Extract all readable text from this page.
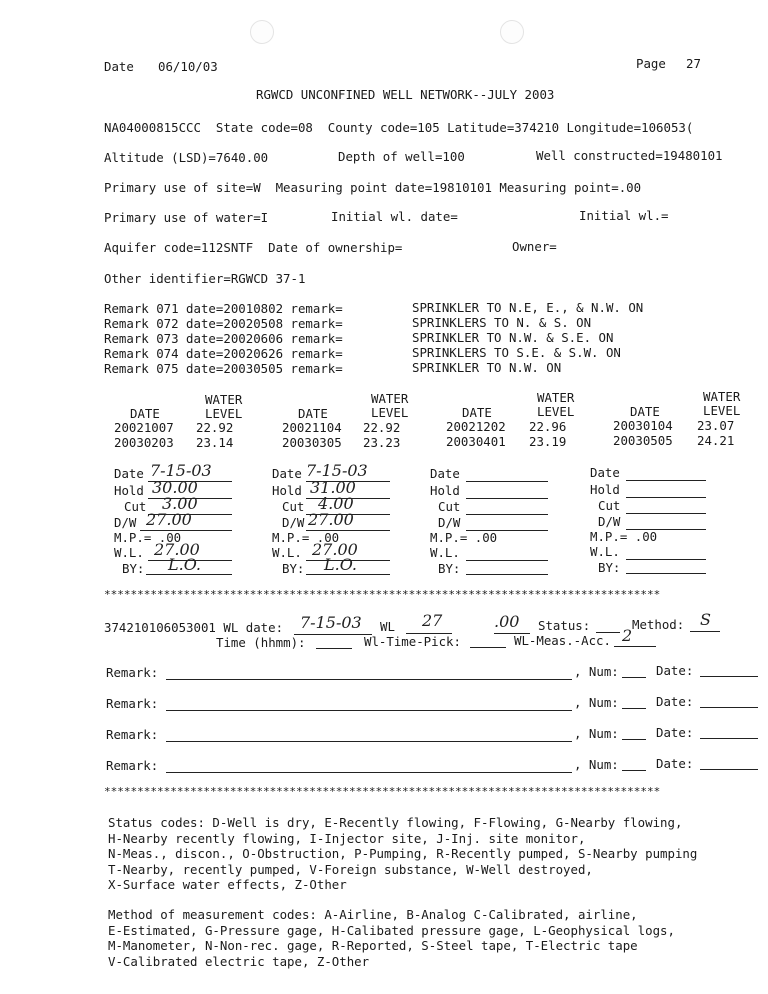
Date 06/10/03	Page 27
RGWCD UNCONFINED WELL NETWORK--JULY 2003
NA04000815CCC  State code=08  County code=105 Latitude=374210 Longitude=106053(
Altitude (LSD)=7640.00	Depth of well=100	Well constructed=19480101
Primary use of site=W  Measuring point date=19810101 Measuring point=.00
Primary use of water=I	Initial wl. date=	Initial wl.=
Aquifer code=112SNTF  Date of ownership=	Owner=
Other identifier=RGWCD 37-1
Remark 071 date=20010802 remark=	SPRINKLER TO N.E, E., & N.W. ON
Remark 072 date=20020508 remark=	SPRINKLERS TO N. & S. ON
Remark 073 date=20020606 remark=	SPRINKLER TO N.W. & S.E. ON
Remark 074 date=20020626 remark=	SPRINKLERS TO S.E. & S.W. ON
Remark 075 date=20030505 remark=	SPRINKLER TO N.W. ON
WATER
DATE	LEVEL
20021007 22.92
20030203 23.14
WATER
DATE	LEVEL
20021104 22.92
20030305 23.23
WATER
DATE	LEVEL
20021202 22.96
20030401 23.19
WATER
DATE	LEVEL
20030104 23.07
20030505 24.21
Date 7-15-03
Hold 30.00
Cut 3.00
D/W 27.00
M.P.= .00
W.L. 27.00
BY: L.O.
Date 7-15-03
Hold 31.00
Cut 4.00
D/W 27.00
M.P.= .00
W.L. 27.00
BY: L.O.
Date
Hold
Cut
D/W
M.P.= .00
W.L.
BY:
Date
Hold
Cut
D/W
M.P.= .00
W.L.
BY:
************************************************************************************
374210106053001 WL date: 7-15-03 WL 27	.00 Status:	Method: S
Time (hhmm):	Wl-Time-Pick:	WL-Meas.-Acc. 2
Remark:	, Num:	Date:
Remark:	, Num:	Date:
Remark:	, Num:	Date:
Remark:	, Num:	Date:
************************************************************************************
Status codes: D-Well is dry, E-Recently flowing, F-Flowing, G-Nearby flowing,
H-Nearby recently flowing, I-Injector site, J-Inj. site monitor,
N-Meas., discon., O-Obstruction, P-Pumping, R-Recently pumped, S-Nearby pumping
T-Nearby, recently pumped, V-Foreign substance, W-Well destroyed,
X-Surface water effects, Z-Other
Method of measurement codes: A-Airline, B-Analog C-Calibrated, airline,
E-Estimated, G-Pressure gage, H-Calibated pressure gage, L-Geophysical logs,
M-Manometer, N-Non-rec. gage, R-Reported, S-Steel tape, T-Electric tape
V-Calibrated electric tape, Z-Other
